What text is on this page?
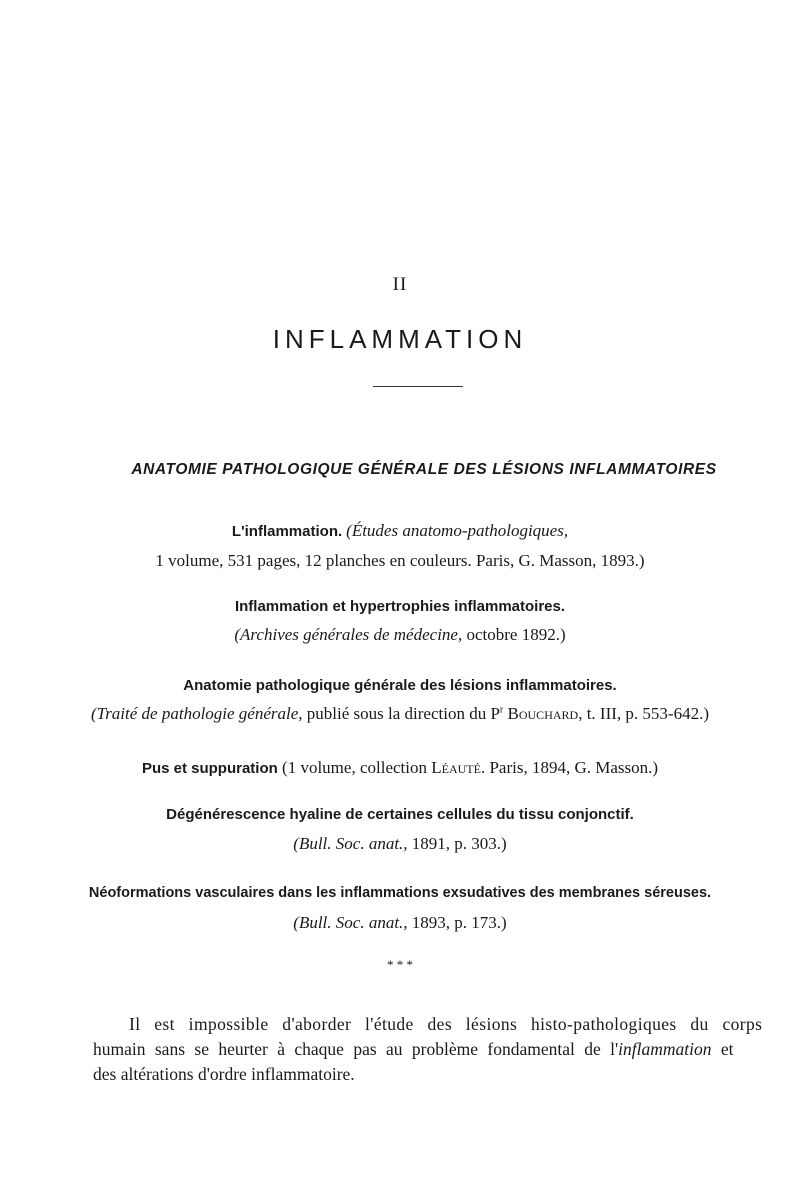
II
INFLAMMATION
ANATOMIE PATHOLOGIQUE GÉNÉRALE DES LÉSIONS INFLAMMATOIRES
L'inflammation. (Études anatomo-pathologiques,
1 volume, 531 pages, 12 planches en couleurs. Paris, G. Masson, 1893.)
Inflammation et hypertrophies inflammatoires.
(Archives générales de médecine, octobre 1892.)
Anatomie pathologique générale des lésions inflammatoires.
(Traité de pathologie générale, publié sous la direction du $P^r$ Bouchard, t. III, p. 553-642.)
Pus et suppuration (1 volume, collection Léauté. Paris, 1894, G. Masson.)
Dégénérescence hyaline de certaines cellules du tissu conjonctif.
(Bull. Soc. anat., 1891, p. 303.)
Néoformations vasculaires dans les inflammations exsudatives des membranes séreuses.
(Bull. Soc. anat., 1893, p. 173.)
* * *
Il est impossible d'aborder l'étude des lésions histo-pathologiques du corps
humain sans se heurter à chaque pas au problème fondamental de l'inflammation et
des altérations d'ordre inflammatoire.
